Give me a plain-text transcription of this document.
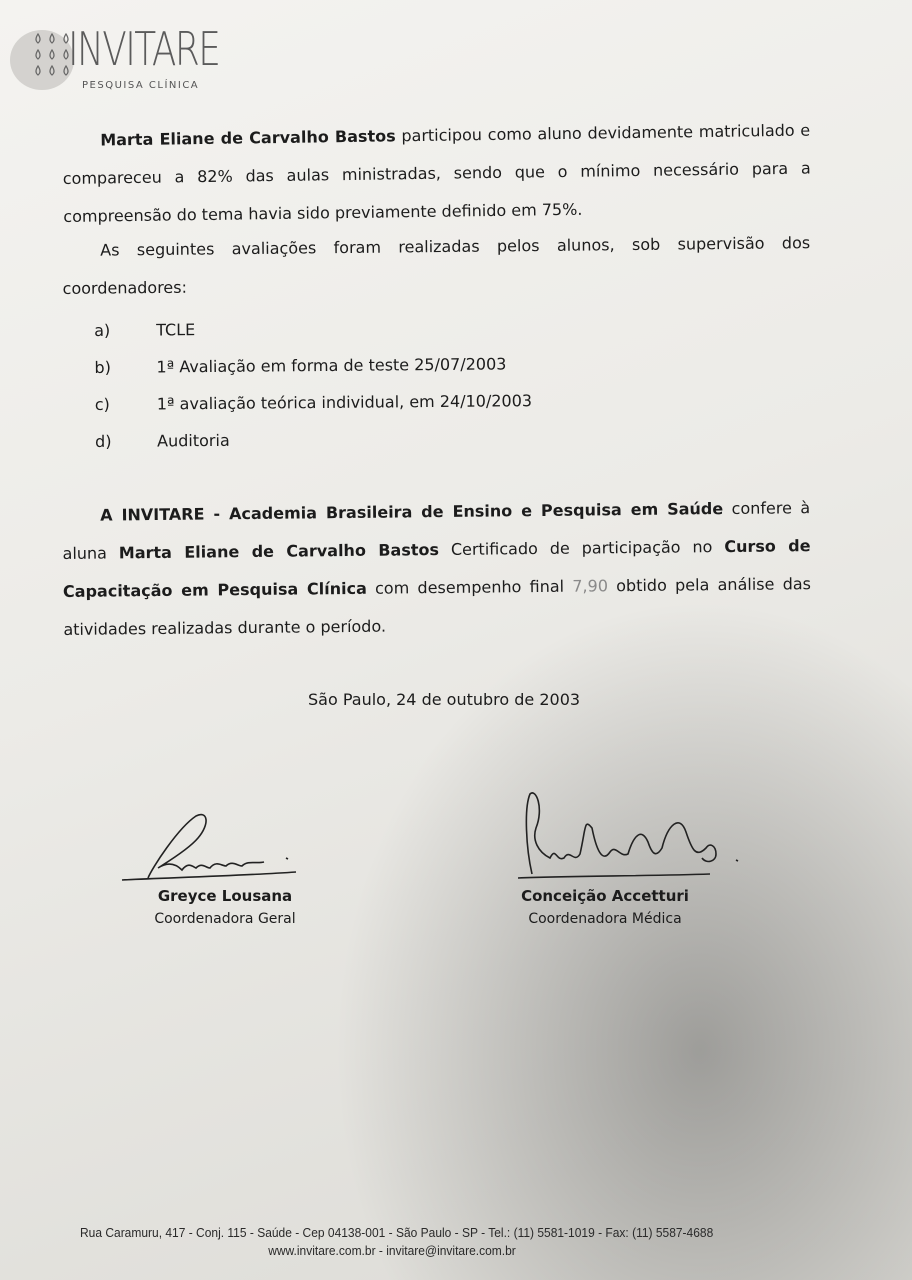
INVITARE
PESQUISA CLÍNICA
Marta Eliane de Carvalho Bastos participou como aluno devidamente matriculado e compareceu a 82% das aulas ministradas, sendo que o mínimo necessário para a compreensão do tema havia sido previamente definido em 75%.
As seguintes avaliações foram realizadas pelos alunos, sob supervisão dos coordenadores:
a)	TCLE
b)	1ª Avaliação em forma de teste 25/07/2003
c)	1ª avaliação teórica individual, em 24/10/2003
d)	Auditoria
A INVITARE - Academia Brasileira de Ensino e Pesquisa em Saúde confere à aluna Marta Eliane de Carvalho Bastos Certificado de participação no Curso de Capacitação em Pesquisa Clínica com desempenho final 7,90 obtido pela análise das atividades realizadas durante o período.
São Paulo, 24 de outubro de 2003
Greyce Lousana
Coordenadora Geral
Conceição Accetturi
Coordenadora Médica
Rua Caramuru, 417 - Conj. 115 - Saúde - Cep 04138-001 - São Paulo - SP - Tel.: (11) 5581-1019 - Fax: (11) 5587-4688
www.invitare.com.br - invitare@invitare.com.br
